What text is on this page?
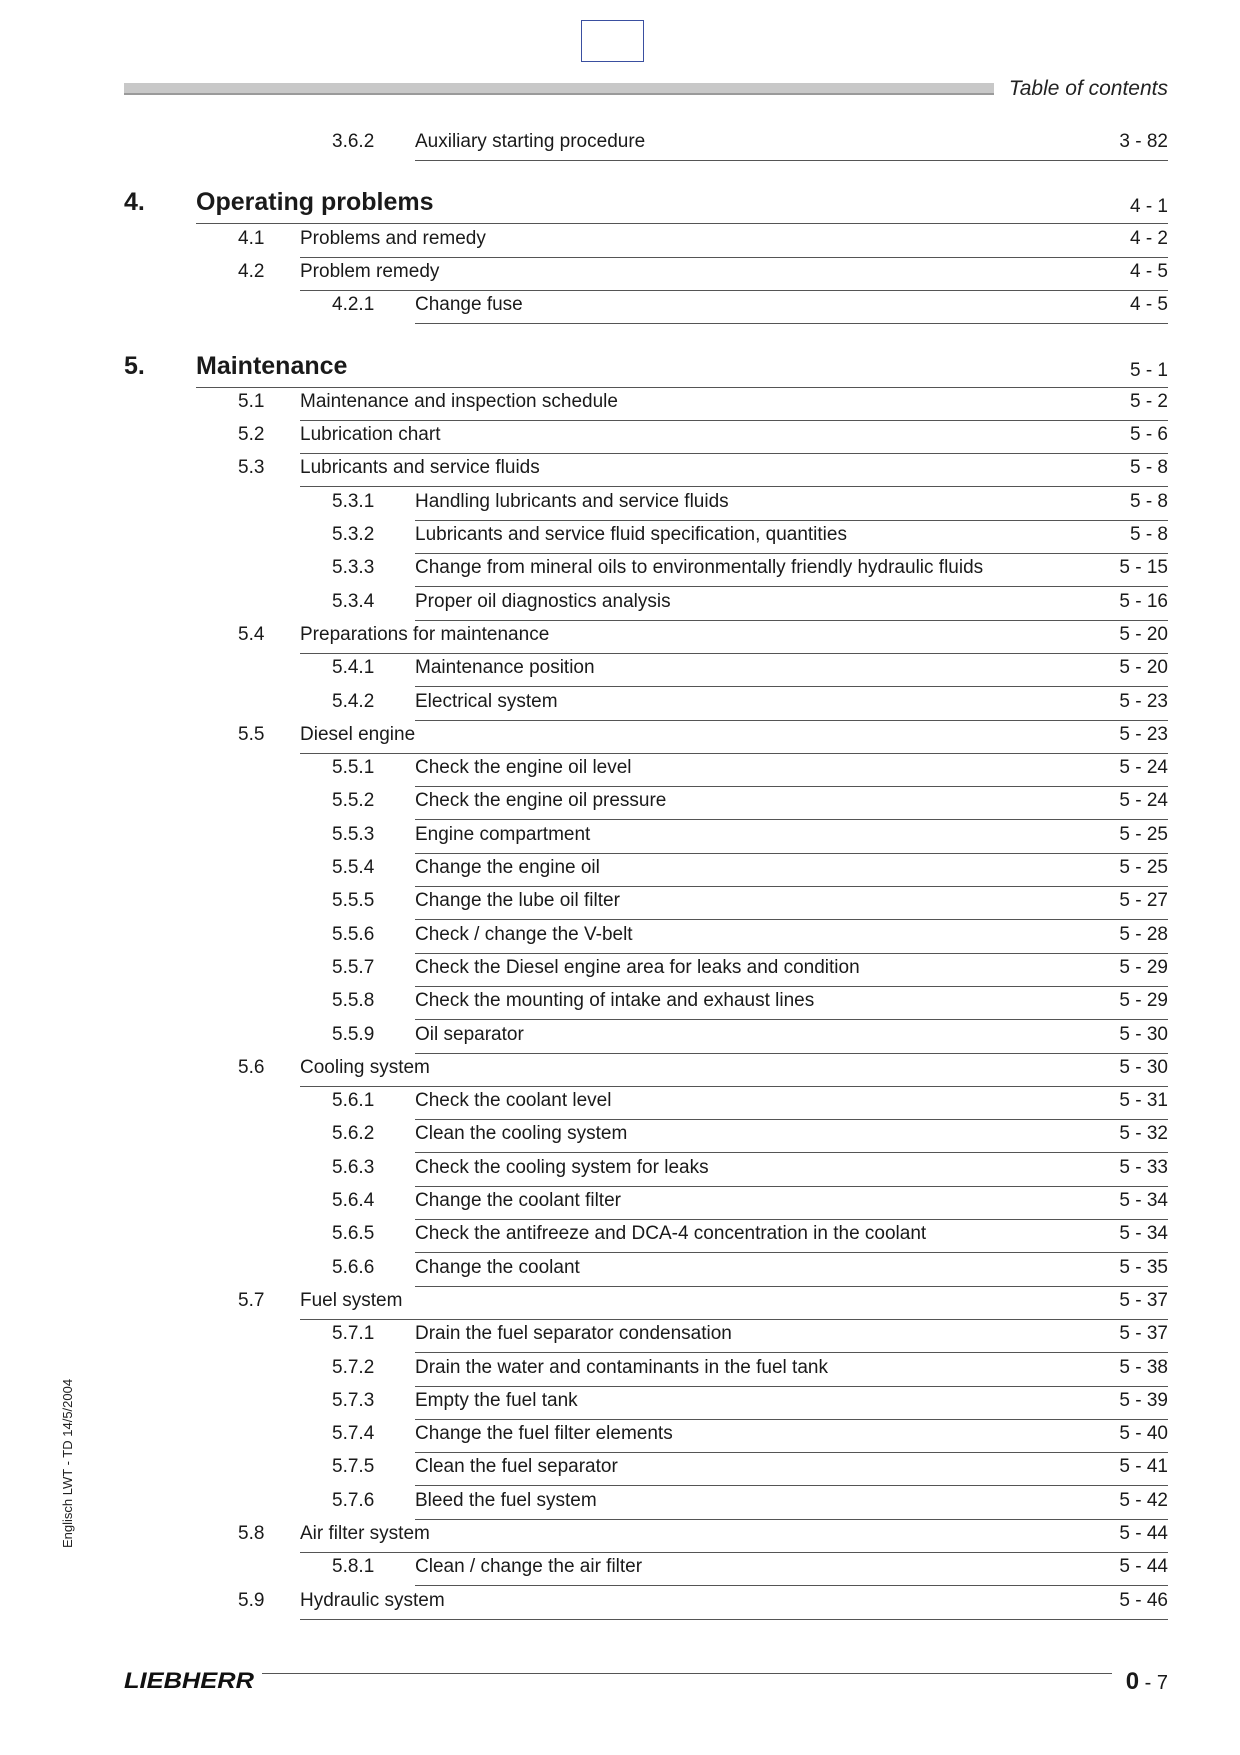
Table of contents
3.6.2 Auxiliary starting procedure	3 - 82
4. Operating problems	4 - 1
4.1 Problems and remedy	4 - 2
4.2 Problem remedy	4 - 5
4.2.1 Change fuse	4 - 5
5. Maintenance	5 - 1
5.1 Maintenance and inspection schedule	5 - 2
5.2 Lubrication chart	5 - 6
5.3 Lubricants and service fluids	5 - 8
5.3.1 Handling lubricants and service fluids	5 - 8
5.3.2 Lubricants and service fluid specification, quantities	5 - 8
5.3.3 Change from mineral oils to environmentally friendly hydraulic fluids	5 - 15
5.3.4 Proper oil diagnostics analysis	5 - 16
5.4 Preparations for maintenance	5 - 20
5.4.1 Maintenance position	5 - 20
5.4.2 Electrical system	5 - 23
5.5 Diesel engine	5 - 23
5.5.1 Check the engine oil level	5 - 24
5.5.2 Check the engine oil pressure	5 - 24
5.5.3 Engine compartment	5 - 25
5.5.4 Change the engine oil	5 - 25
5.5.5 Change the lube oil filter	5 - 27
5.5.6 Check / change the V-belt	5 - 28
5.5.7 Check the Diesel engine area for leaks and condition	5 - 29
5.5.8 Check the mounting of intake and exhaust lines	5 - 29
5.5.9 Oil separator	5 - 30
5.6 Cooling system	5 - 30
5.6.1 Check the coolant level	5 - 31
5.6.2 Clean the cooling system	5 - 32
5.6.3 Check the cooling system for leaks	5 - 33
5.6.4 Change the coolant filter	5 - 34
5.6.5 Check the antifreeze and DCA-4 concentration in the coolant	5 - 34
5.6.6 Change the coolant	5 - 35
5.7 Fuel system	5 - 37
5.7.1 Drain the fuel separator condensation	5 - 37
5.7.2 Drain the water and contaminants in the fuel tank	5 - 38
5.7.3 Empty the fuel tank	5 - 39
5.7.4 Change the fuel filter elements	5 - 40
5.7.5 Clean the fuel separator	5 - 41
5.7.6 Bleed the fuel system	5 - 42
5.8 Air filter system	5 - 44
5.8.1 Clean / change the air filter	5 - 44
5.9 Hydraulic system	5 - 46
Englisch LWT - TD 14/5/2004
LIEBHERR	0 - 7
